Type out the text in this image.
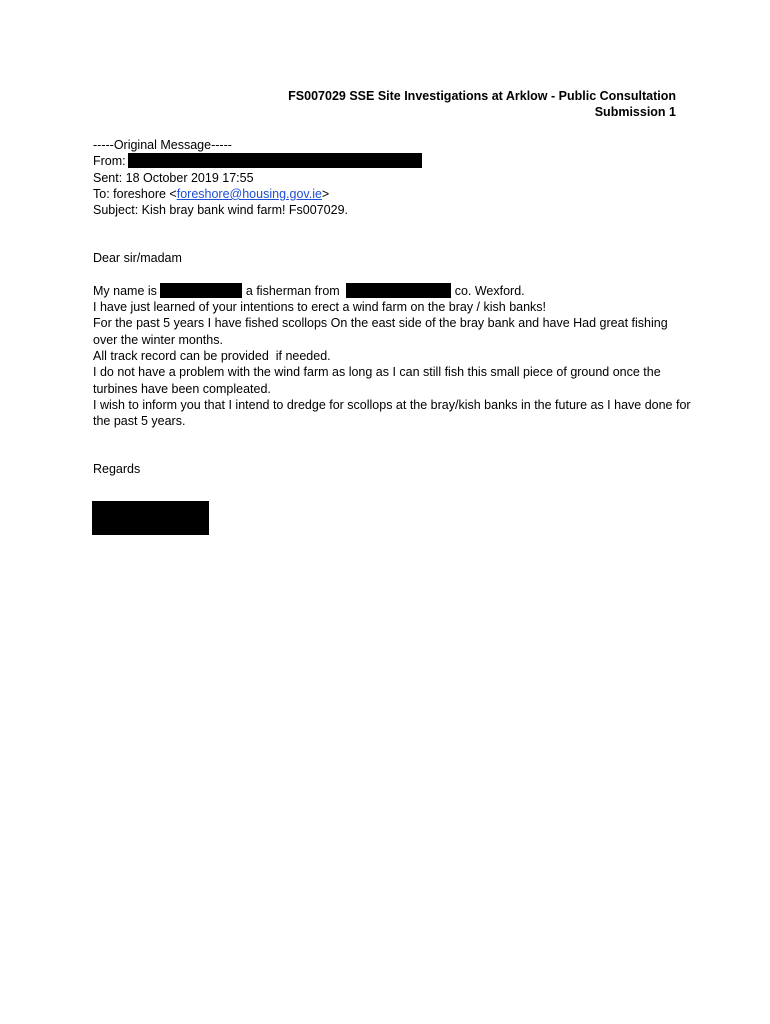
FS007029 SSE Site Investigations at Arklow - Public Consultation
Submission 1
-----Original Message-----
From:
Sent: 18 October 2019 17:55
To: foreshore <foreshore@housing.gov.ie>
Subject: Kish bray bank wind farm! Fs007029.
Dear sir/madam
My name is	a fisherman from	co. Wexford.
I have just learned of your intentions to erect a wind farm on the bray / kish banks!
For the past 5 years I have fished scollops On the east side of the bray bank and have Had great fishing over the winter months.
All track record can be provided  if needed.
I do not have a problem with the wind farm as long as I can still fish this small piece of ground once the turbines have been compleated.
I wish to inform you that I intend to dredge for scollops at the bray/kish banks in the future as I have done for the past 5 years.
Regards
